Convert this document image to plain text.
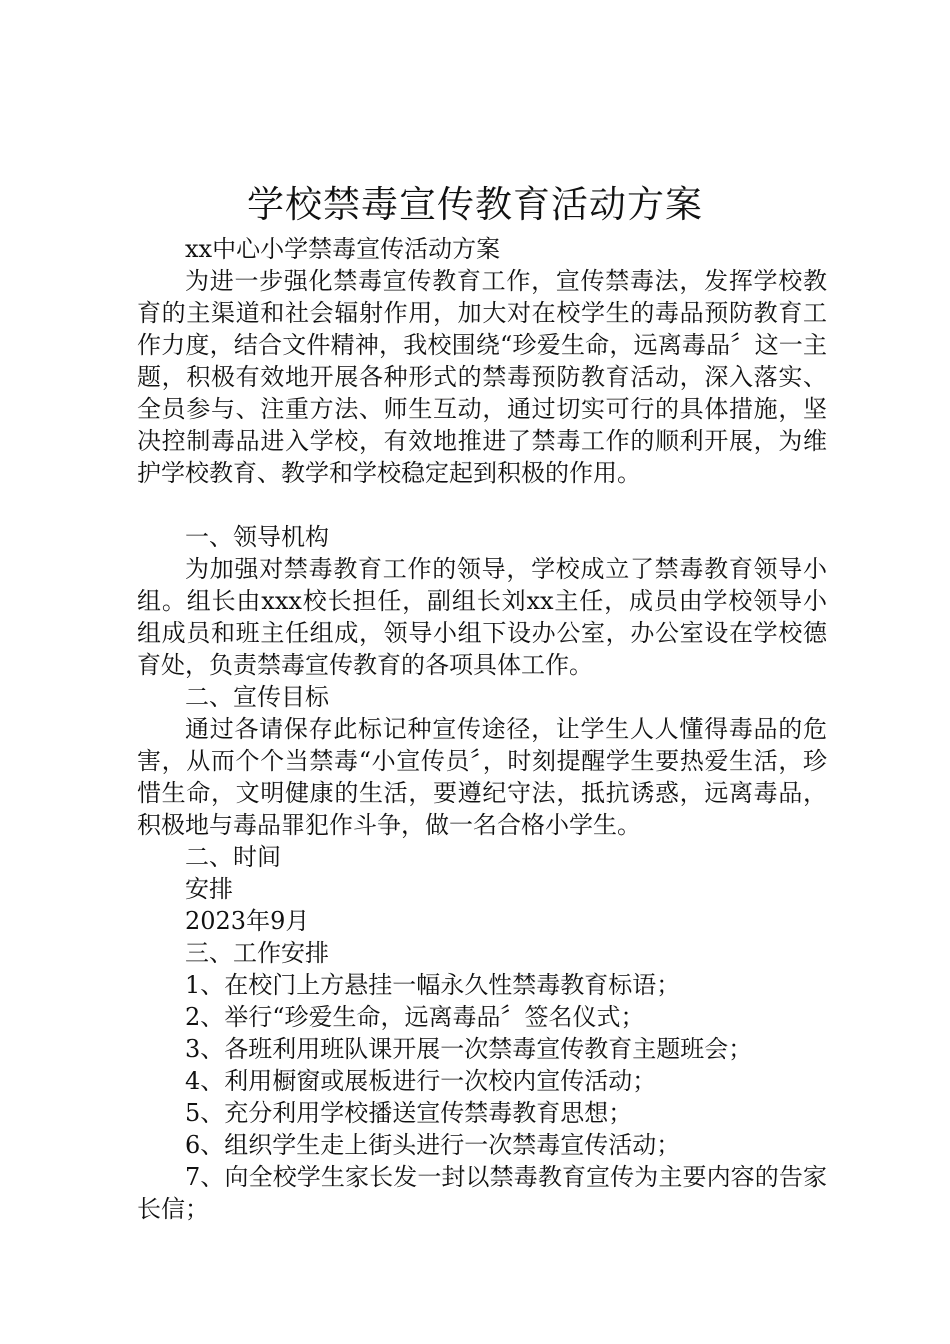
学校禁毒宣传教育活动方案

xx中心小学禁毒宣传活动方案

为进一步强化禁毒宣传教育工作，宣传禁毒法，发挥学校教育的主渠道和社会辐射作用，加大对在校学生的毒品预防教育工作力度，结合文件精神，我校围绕“珍爱生命，远离毒品〞这一主题，积极有效地开展各种形式的禁毒预防教育活动，深入落实、全员参与、注重方法、师生互动，通过切实可行的具体措施，坚决控制毒品进入学校，有效地推进了禁毒工作的顺利开展，为维护学校教育、教学和学校稳定起到积极的作用。

一、领导机构

为加强对禁毒教育工作的领导，学校成立了禁毒教育领导小组。组长由xxx校长担任，副组长刘xx主任，成员由学校领导小组成员和班主任组成，领导小组下设办公室，办公室设在学校德育处，负责禁毒宣传教育的各项具体工作。

二、宣传目标

通过各请保存此标记种宣传途径，让学生人人懂得毒品的危害，从而个个当禁毒“小宣传员〞，时刻提醒学生要热爱生活，珍惜生命，文明健康的生活，要遵纪守法，抵抗诱惑，远离毒品，积极地与毒品罪犯作斗争，做一名合格小学生。

二、时间

安排

2023年9月

三、工作安排

1、在校门上方悬挂一幅永久性禁毒教育标语；

2、举行“珍爱生命，远离毒品〞签名仪式；

3、各班利用班队课开展一次禁毒宣传教育主题班会；

4、利用橱窗或展板进行一次校内宣传活动；

5、充分利用学校播送宣传禁毒教育思想；

6、组织学生走上街头进行一次禁毒宣传活动；

7、向全校学生家长发一封以禁毒教育宣传为主要内容的告家长信；
